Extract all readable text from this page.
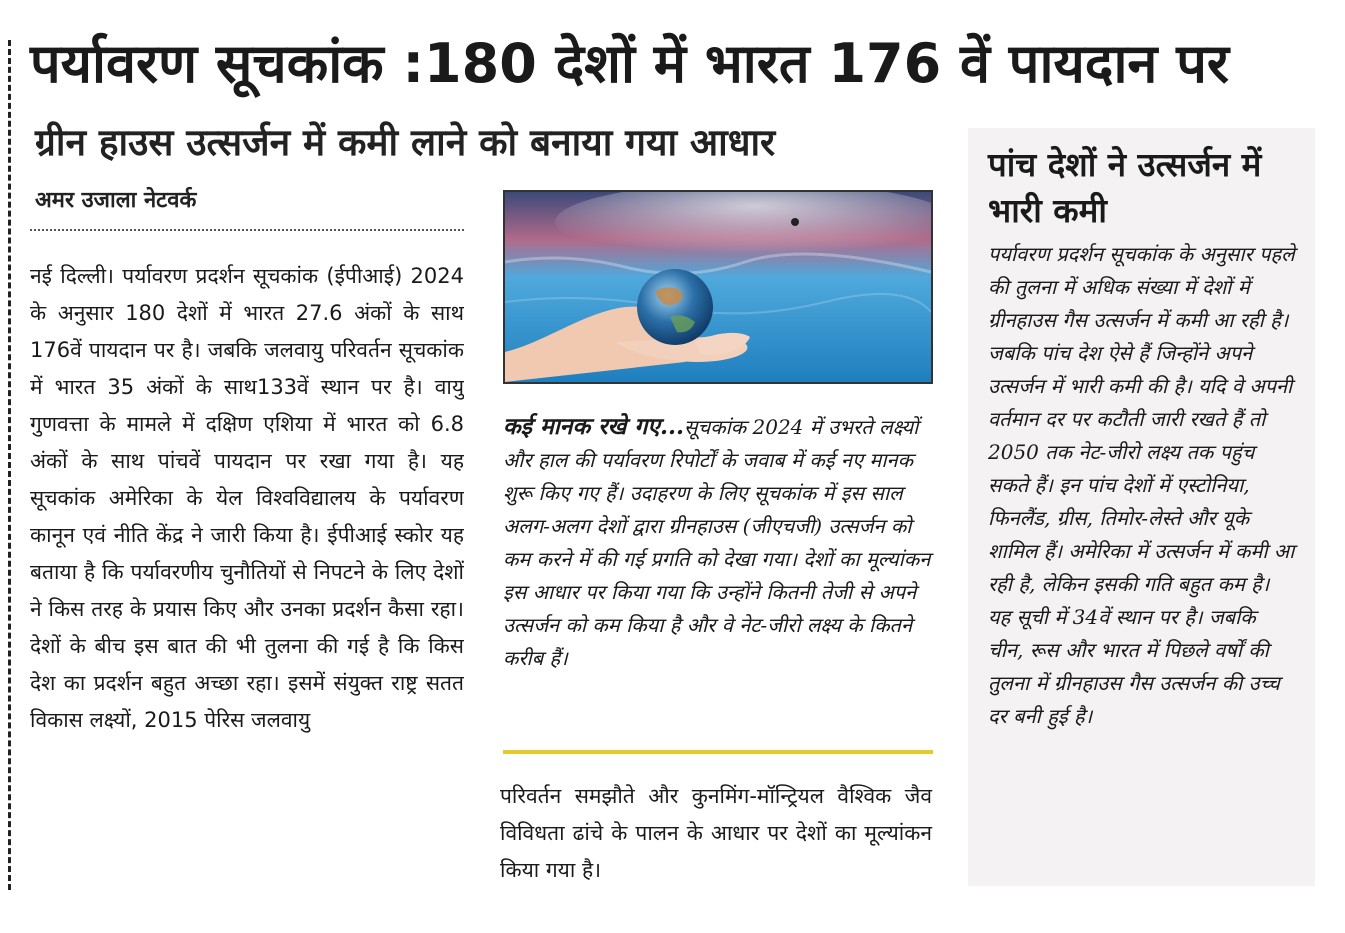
पर्यावरण सूचकांक :180 देशों में भारत 176 वें पायदान पर
ग्रीन हाउस उत्सर्जन में कमी लाने को बनाया गया आधार

अमर उजाला नेटवर्क

नई दिल्ली। पर्यावरण प्रदर्शन सूचकांक (ईपीआई) 2024 के अनुसार 180 देशों में भारत 27.6 अंकों के साथ 176वें पायदान पर है। जबकि जलवायु परिवर्तन सूचकांक में भारत 35 अंकों के साथ133वें स्थान पर है। वायु गुणवत्ता के मामले में दक्षिण एशिया में भारत को 6.8 अंकों के साथ पांचवें पायदान पर रखा गया है। यह सूचकांक अमेरिका के येल विश्वविद्यालय के पर्यावरण कानून एवं नीति केंद्र ने जारी किया है। ईपीआई स्कोर यह बताया है कि पर्यावरणीय चुनौतियों से निपटने के लिए देशों ने किस तरह के प्रयास किए और उनका प्रदर्शन कैसा रहा। देशों के बीच इस बात की भी तुलना की गई है कि किस देश का प्रदर्शन बहुत अच्छा रहा। इसमें संयुक्त राष्ट्र सतत विकास लक्ष्यों, 2015 पेरिस जलवायु

कई मानक रखे गए...सूचकांक 2024 में उभरते लक्ष्यों और हाल की पर्यावरण रिपोर्टों के जवाब में कई नए मानक शुरू किए गए हैं। उदाहरण के लिए सूचकांक में इस साल अलग-अलग देशों द्वारा ग्रीनहाउस (जीएचजी) उत्सर्जन को कम करने में की गई प्रगति को देखा गया। देशों का मूल्यांकन इस आधार पर किया गया कि उन्होंने कितनी तेजी से अपने उत्सर्जन को कम किया है और वे नेट-जीरो लक्ष्य के कितने करीब हैं।

परिवर्तन समझौते और कुनमिंग-मॉन्ट्रियल वैश्विक जैव विविधता ढांचे के पालन के आधार पर देशों का मूल्यांकन किया गया है।

पांच देशों ने उत्सर्जन में भारी कमी

पर्यावरण प्रदर्शन सूचकांक के अनुसार पहले की तुलना में अधिक संख्या में देशों में ग्रीनहाउस गैस उत्सर्जन में कमी आ रही है। जबकि पांच देश ऐसे हैं जिन्होंने अपने उत्सर्जन में भारी कमी की है। यदि वे अपनी वर्तमान दर पर कटौती जारी रखते हैं तो 2050 तक नेट-जीरो लक्ष्य तक पहुंच सकते हैं। इन पांच देशों में एस्टोनिया, फिनलैंड, ग्रीस, तिमोर-लेस्ते और यूके शामिल हैं। अमेरिका में उत्सर्जन में कमी आ रही है, लेकिन इसकी गति बहुत कम है। यह सूची में 34वें स्थान पर है। जबकि चीन, रूस और भारत में पिछले वर्षों की तुलना में ग्रीनहाउस गैस उत्सर्जन की उच्च दर बनी हुई है।
